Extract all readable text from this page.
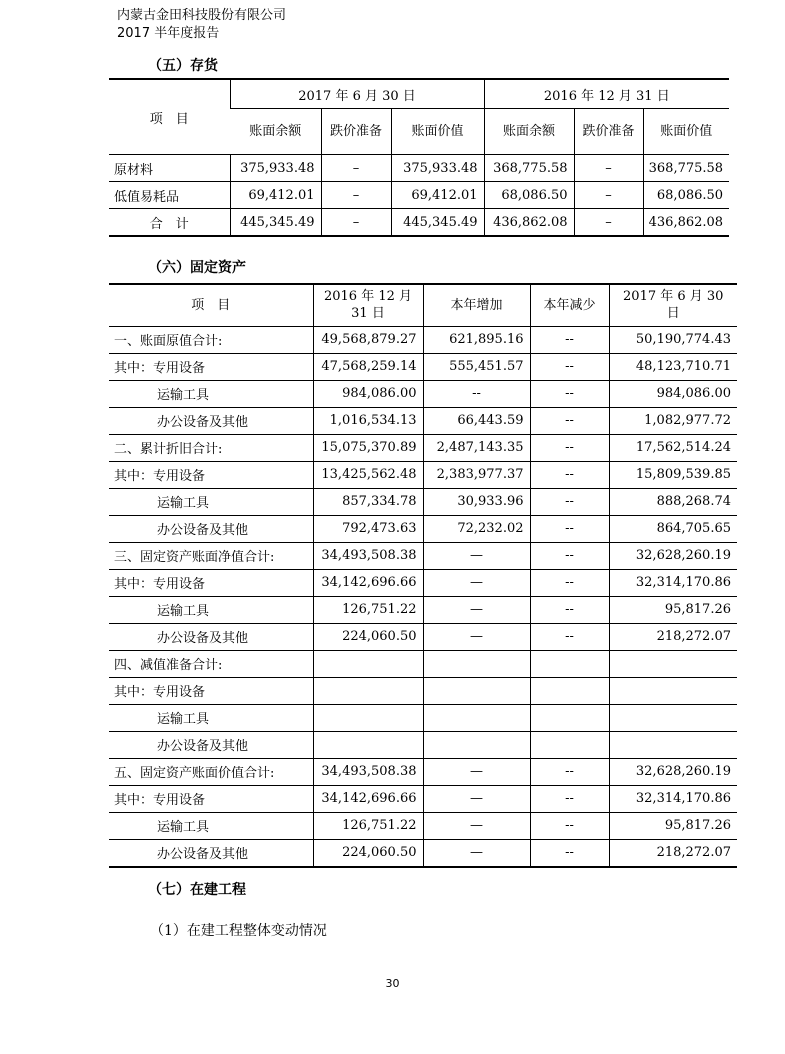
内蒙古金田科技股份有限公司
2017 半年度报告
（五）存货
项　目	2017 年 6 月 30 日			2016 年 12 月 31 日		
	账面余额	跌价准备	账面价值	账面余额	跌价准备	账面价值
原材料	375,933.48	–	375,933.48	368,775.58	–	368,775.58
低值易耗品	69,412.01	–	69,412.01	68,086.50	–	68,086.50
合　计	445,345.49	–	445,345.49	436,862.08	–	436,862.08
（六）固定资产
项　目	2016 年 12 月 31 日	本年增加	本年减少	2017 年 6 月 30 日
一、账面原值合计:	49,568,879.27	621,895.16	--	50,190,774.43
其中：专用设备	47,568,259.14	555,451.57	--	48,123,710.71
运输工具	984,086.00	--	--	984,086.00
办公设备及其他	1,016,534.13	66,443.59	--	1,082,977.72
二、累计折旧合计:	15,075,370.89	2,487,143.35	--	17,562,514.24
其中：专用设备	13,425,562.48	2,383,977.37	--	15,809,539.85
运输工具	857,334.78	30,933.96	--	888,268.74
办公设备及其他	792,473.63	72,232.02	--	864,705.65
三、固定资产账面净值合计:	34,493,508.38	—	--	32,628,260.19
其中：专用设备	34,142,696.66	—	--	32,314,170.86
运输工具	126,751.22	—	--	95,817.26
办公设备及其他	224,060.50	—	--	218,272.07
四、减值准备合计:				
其中：专用设备				
运输工具				
办公设备及其他				
五、固定资产账面价值合计:	34,493,508.38	—	--	32,628,260.19
其中：专用设备	34,142,696.66	—	--	32,314,170.86
运输工具	126,751.22	—	--	95,817.26
办公设备及其他	224,060.50	—	--	218,272.07
（七）在建工程
（1）在建工程整体变动情况
30
